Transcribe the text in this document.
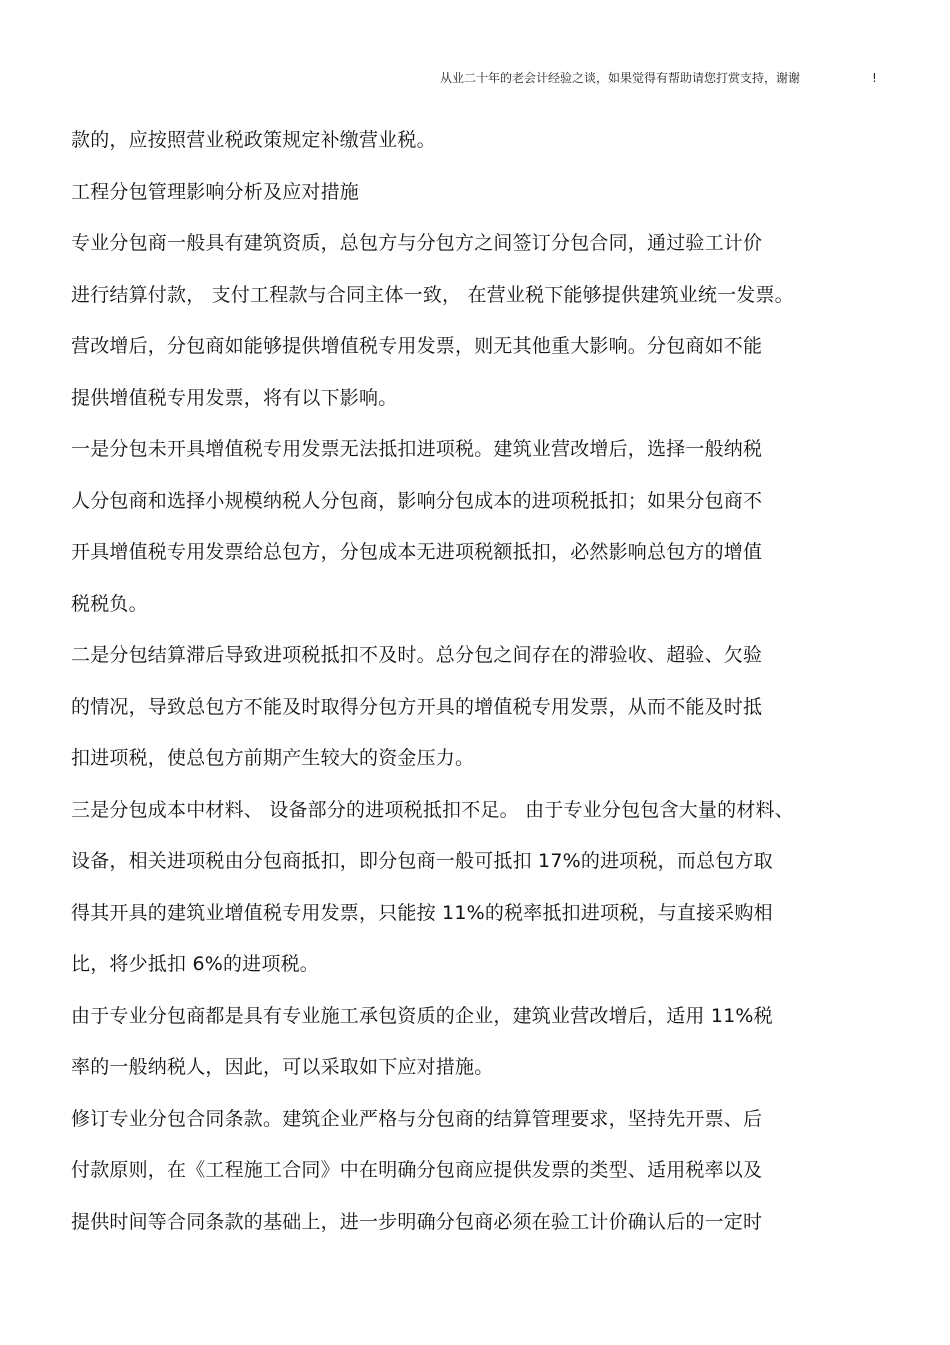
从业二十年的老会计经验之谈，如果觉得有帮助请您打赏支持，谢谢	!
款的，应按照营业税政策规定补缴营业税。
工程分包管理影响分析及应对措施
专业分包商一般具有建筑资质，总包方与分包方之间签订分包合同，通过验工计价
进行结算付款， 支付工程款与合同主体一致， 在营业税下能够提供建筑业统一发票。
营改增后，分包商如能够提供增值税专用发票，则无其他重大影响。分包商如不能
提供增值税专用发票，将有以下影响。
一是分包未开具增值税专用发票无法抵扣进项税。建筑业营改增后，选择一般纳税
人分包商和选择小规模纳税人分包商，影响分包成本的进项税抵扣；如果分包商不
开具增值税专用发票给总包方，分包成本无进项税额抵扣，必然影响总包方的增值
税税负。
二是分包结算滞后导致进项税抵扣不及时。总分包之间存在的滞验收、超验、欠验
的情况，导致总包方不能及时取得分包方开具的增值税专用发票，从而不能及时抵
扣进项税，使总包方前期产生较大的资金压力。
三是分包成本中材料、 设备部分的进项税抵扣不足。 由于专业分包包含大量的材料、
设备，相关进项税由分包商抵扣，即分包商一般可抵扣 17%的进项税，而总包方取
得其开具的建筑业增值税专用发票，只能按 11%的税率抵扣进项税，与直接采购相
比，将少抵扣 6%的进项税。
由于专业分包商都是具有专业施工承包资质的企业，建筑业营改增后，适用 11%税
率的一般纳税人，因此，可以采取如下应对措施。
修订专业分包合同条款。建筑企业严格与分包商的结算管理要求，坚持先开票、后
付款原则，在《工程施工合同》中在明确分包商应提供发票的类型、适用税率以及
提供时间等合同条款的基础上，进一步明确分包商必须在验工计价确认后的一定时
